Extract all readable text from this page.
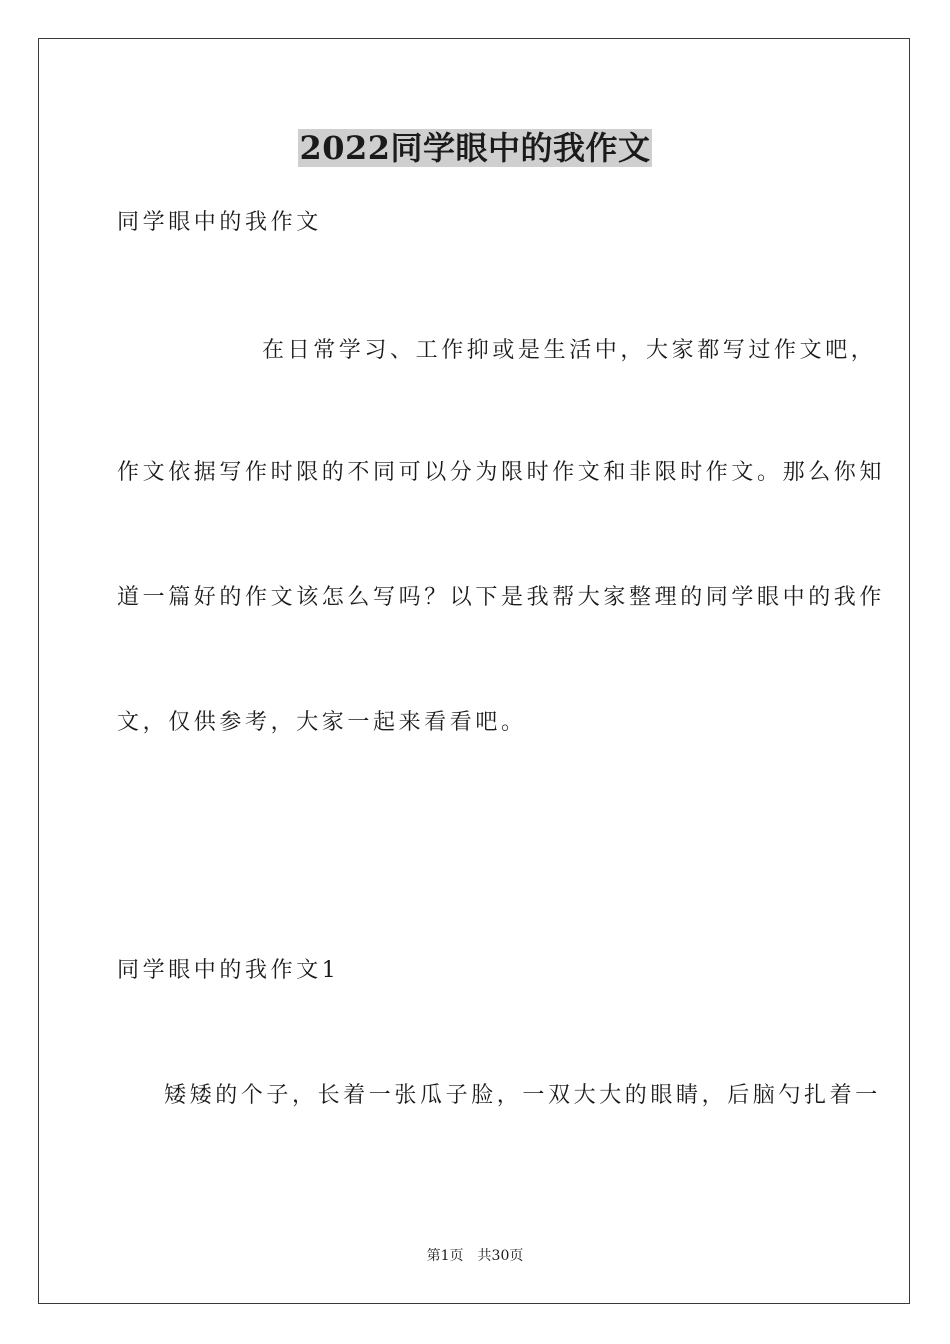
2022同学眼中的我作文
同学眼中的我作文
在日常学习、工作抑或是生活中，大家都写过作文吧，
作文依据写作时限的不同可以分为限时作文和非限时作文。那么你知
道一篇好的作文该怎么写吗？以下是我帮大家整理的同学眼中的我作
文，仅供参考，大家一起来看看吧。
同学眼中的我作文1
矮矮的个子，长着一张瓜子脸，一双大大的眼睛，后脑勺扎着一
第1页 共30页
